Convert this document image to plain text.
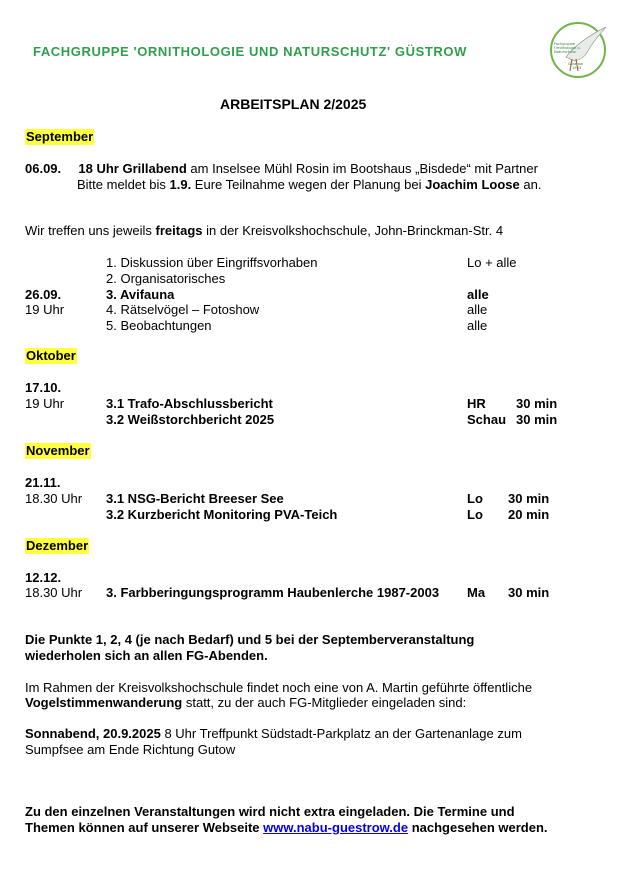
FACHGRUPPE 'ORNITHOLOGIE UND NATURSCHUTZ' GÜSTROW	Fachgruppe
Ornithologie u.
Naturschutz
Güstrow
1953
ARBEITSPLAN 2/2025
September
06.09. 18 Uhr Grillabend am Inselsee Mühl Rosin im Bootshaus „Bisdede“ mit Partner
Bitte meldet bis 1.9. Eure Teilnahme wegen der Planung bei Joachim Loose an.
Wir treffen uns jeweils freitags in der Kreisvolkshochschule, John-Brinckman-Str. 4
1. Diskussion über Eingriffsvorhaben	Lo + alle
2. Organisatorisches
26.09.	3. Avifauna	alle
19 Uhr	4. Rätselvögel – Fotoshow	alle
5. Beobachtungen	alle
Oktober
17.10.
19 Uhr	3.1 Trafo-Abschlussbericht	HR 30 min
3.2 Weißstorchbericht 2025	Schau 30 min
November
21.11.
18.30 Uhr 3.1 NSG-Bericht Breeser See	Lo 30 min
3.2 Kurzbericht Monitoring PVA-Teich	Lo 20 min
Dezember
12.12.
18.30 Uhr 3. Farbberingungsprogramm Haubenlerche 1987-2003 Ma 30 min
Die Punkte 1, 2, 4 (je nach Bedarf) und 5 bei der Septemberveranstaltung
wiederholen sich an allen FG-Abenden.
Im Rahmen der Kreisvolkshochschule findet noch eine von A. Martin geführte öffentliche
Vogelstimmenwanderung statt, zu der auch FG-Mitglieder eingeladen sind:
Sonnabend, 20.9.2025 8 Uhr Treffpunkt Südstadt-Parkplatz an der Gartenanlage zum
Sumpfsee am Ende Richtung Gutow
Zu den einzelnen Veranstaltungen wird nicht extra eingeladen. Die Termine und
Themen können auf unserer Webseite www.nabu-guestrow.de nachgesehen werden.
